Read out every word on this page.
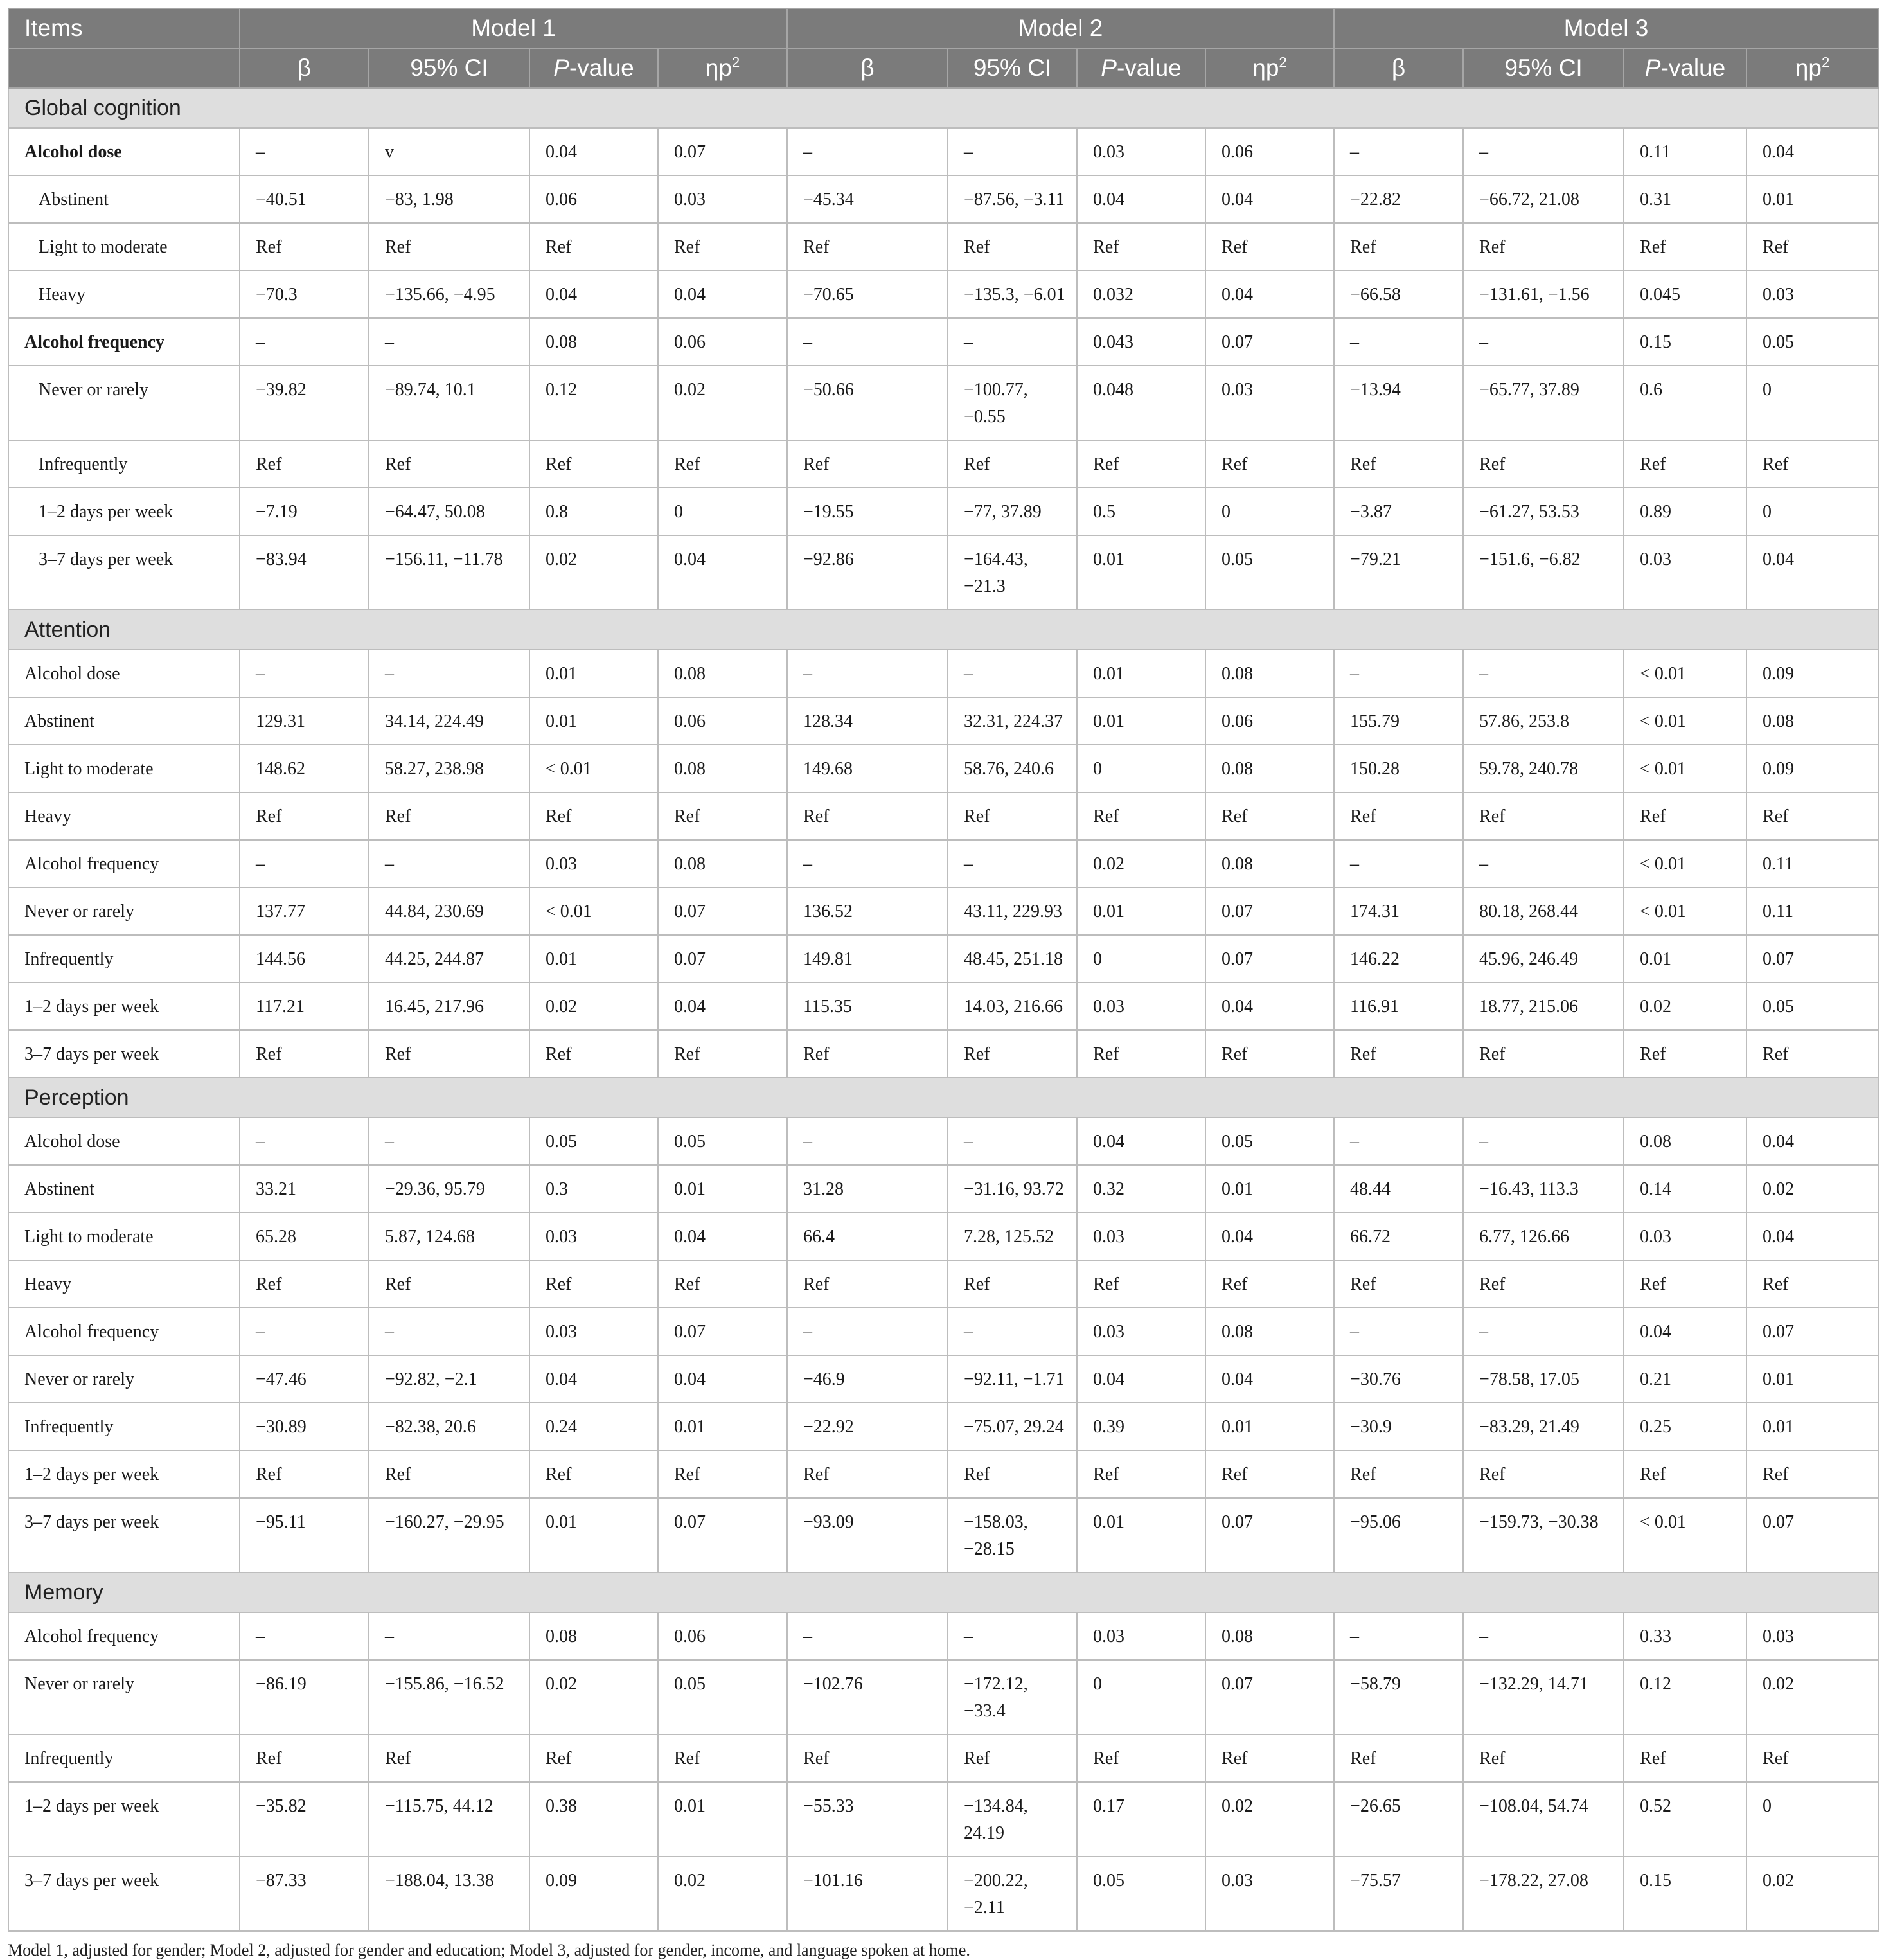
Items	Model 1				Model 2				Model 3			
	β	95% CI	P-value	$\eta p^2$	β	95% CI	P-value	$\eta p^2$	β	95% CI	P-value	$\eta p^2$
Global cognition												
Alcohol dose	–	v	0.04	0.07	–	–	0.03	0.06	–	–	0.11	0.04
Abstinent	−40.51	−83, 1.98	0.06	0.03	−45.34	−87.56, −3.11	0.04	0.04	−22.82	−66.72, 21.08	0.31	0.01
Light to moderate	Ref	Ref	Ref	Ref	Ref	Ref	Ref	Ref	Ref	Ref	Ref	Ref
Heavy	−70.3	−135.66, −4.95	0.04	0.04	−70.65	−135.3, −6.01	0.032	0.04	−66.58	−131.61, −1.56	0.045	0.03
Alcohol frequency	–	–	0.08	0.06	–	–	0.043	0.07	–	–	0.15	0.05
Never or rarely	−39.82	−89.74, 10.1	0.12	0.02	−50.66	−100.77, −0.55	0.048	0.03	−13.94	−65.77, 37.89	0.6	0
Infrequently	Ref	Ref	Ref	Ref	Ref	Ref	Ref	Ref	Ref	Ref	Ref	Ref
1–2 days per week	−7.19	−64.47, 50.08	0.8	0	−19.55	−77, 37.89	0.5	0	−3.87	−61.27, 53.53	0.89	0
3–7 days per week	−83.94	−156.11, −11.78	0.02	0.04	−92.86	−164.43, −21.3	0.01	0.05	−79.21	−151.6, −6.82	0.03	0.04
Attention												
Alcohol dose	–	–	0.01	0.08	–	–	0.01	0.08	–	–	< 0.01	0.09
Abstinent	129.31	34.14, 224.49	0.01	0.06	128.34	32.31, 224.37	0.01	0.06	155.79	57.86, 253.8	< 0.01	0.08
Light to moderate	148.62	58.27, 238.98	< 0.01	0.08	149.68	58.76, 240.6	0	0.08	150.28	59.78, 240.78	< 0.01	0.09
Heavy	Ref	Ref	Ref	Ref	Ref	Ref	Ref	Ref	Ref	Ref	Ref	Ref
Alcohol frequency	–	–	0.03	0.08	–	–	0.02	0.08	–	–	< 0.01	0.11
Never or rarely	137.77	44.84, 230.69	< 0.01	0.07	136.52	43.11, 229.93	0.01	0.07	174.31	80.18, 268.44	< 0.01	0.11
Infrequently	144.56	44.25, 244.87	0.01	0.07	149.81	48.45, 251.18	0	0.07	146.22	45.96, 246.49	0.01	0.07
1–2 days per week	117.21	16.45, 217.96	0.02	0.04	115.35	14.03, 216.66	0.03	0.04	116.91	18.77, 215.06	0.02	0.05
3–7 days per week	Ref	Ref	Ref	Ref	Ref	Ref	Ref	Ref	Ref	Ref	Ref	Ref
Perception												
Alcohol dose	–	–	0.05	0.05	–	–	0.04	0.05	–	–	0.08	0.04
Abstinent	33.21	−29.36, 95.79	0.3	0.01	31.28	−31.16, 93.72	0.32	0.01	48.44	−16.43, 113.3	0.14	0.02
Light to moderate	65.28	5.87, 124.68	0.03	0.04	66.4	7.28, 125.52	0.03	0.04	66.72	6.77, 126.66	0.03	0.04
Heavy	Ref	Ref	Ref	Ref	Ref	Ref	Ref	Ref	Ref	Ref	Ref	Ref
Alcohol frequency	–	–	0.03	0.07	–	–	0.03	0.08	–	–	0.04	0.07
Never or rarely	−47.46	−92.82, −2.1	0.04	0.04	−46.9	−92.11, −1.71	0.04	0.04	−30.76	−78.58, 17.05	0.21	0.01
Infrequently	−30.89	−82.38, 20.6	0.24	0.01	−22.92	−75.07, 29.24	0.39	0.01	−30.9	−83.29, 21.49	0.25	0.01
1–2 days per week	Ref	Ref	Ref	Ref	Ref	Ref	Ref	Ref	Ref	Ref	Ref	Ref
3–7 days per week	−95.11	−160.27, −29.95	0.01	0.07	−93.09	−158.03, −28.15	0.01	0.07	−95.06	−159.73, −30.38	< 0.01	0.07
Memory												
Alcohol frequency	–	–	0.08	0.06	–	–	0.03	0.08	–	–	0.33	0.03
Never or rarely	−86.19	−155.86, −16.52	0.02	0.05	−102.76	−172.12, −33.4	0	0.07	−58.79	−132.29, 14.71	0.12	0.02
Infrequently	Ref	Ref	Ref	Ref	Ref	Ref	Ref	Ref	Ref	Ref	Ref	Ref
1–2 days per week	−35.82	−115.75, 44.12	0.38	0.01	−55.33	−134.84, 24.19	0.17	0.02	−26.65	−108.04, 54.74	0.52	0
3–7 days per week	−87.33	−188.04, 13.38	0.09	0.02	−101.16	−200.22, −2.11	0.05	0.03	−75.57	−178.22, 27.08	0.15	0.02
Model 1, adjusted for gender; Model 2, adjusted for gender and education; Model 3, adjusted for gender, income, and language spoken at home.
